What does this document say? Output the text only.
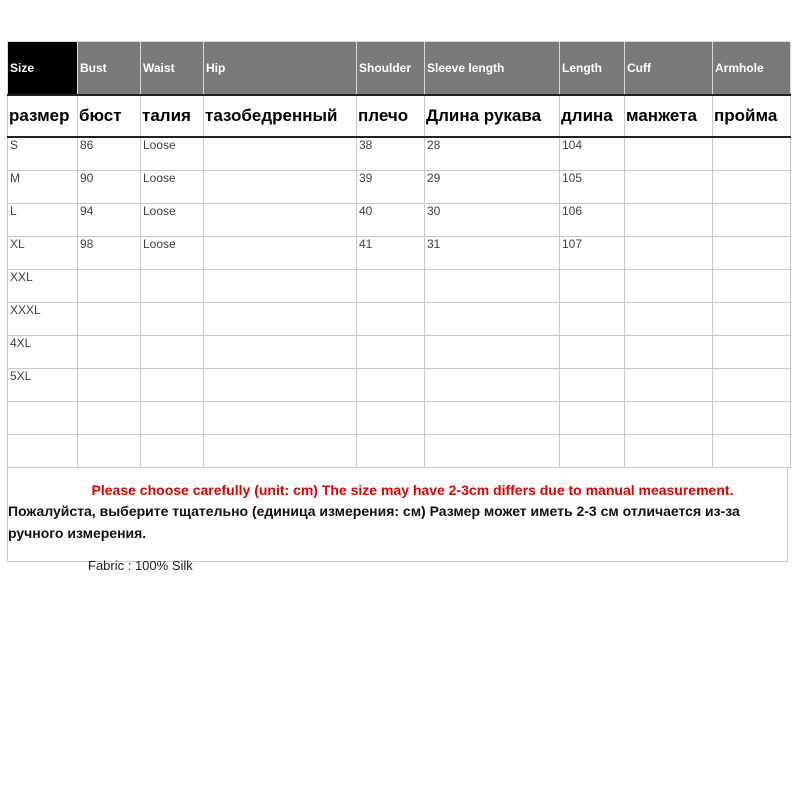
Size	Bust	Waist	Hip	Shoulder	Sleeve length	Length	Cuff	Armhole
размер	бюст	талия	тазобедренный	плечо	Длина рукава	длина	манжета	пройма
S	86	Loose		38	28	104		
M	90	Loose		39	29	105		
L	94	Loose		40	30	106		
XL	98	Loose		41	31	107		
XXL								
XXXL								
4XL								
5XL								

Please choose carefully (unit: cm) The size may have 2-3cm differs due to manual measurement.
Пожалуйста, выберите тщательно (единица измерения: см) Размер может иметь 2-3 см отличается из-за ручного измерения.
Fabric : 100% Silk
